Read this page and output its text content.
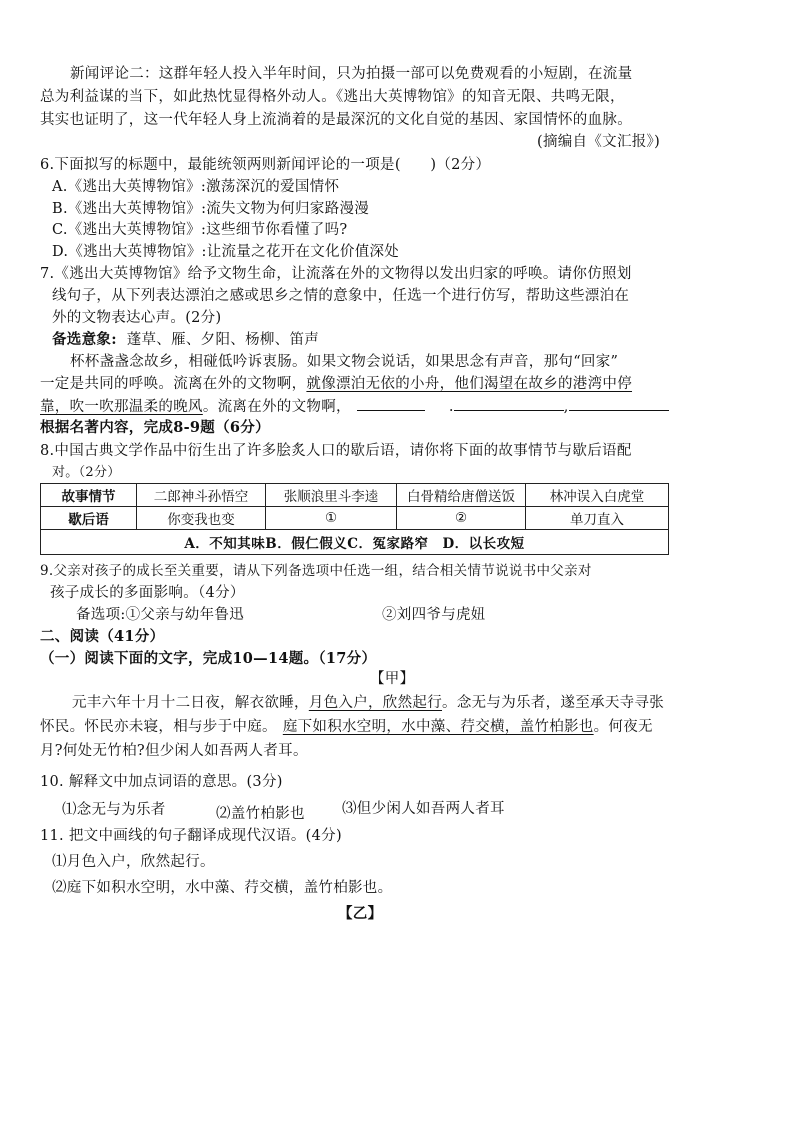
新闻评论二：这群年轻人投入半年时间，只为拍摄一部可以免费观看的小短剧，在流量
总为利益谋的当下，如此热忱显得格外动人。《逃出大英博物馆》的知音无限、共鸣无限，
其实也证明了，这一代年轻人身上流淌着的是最深沉的文化自觉的基因、家国情怀的血脉。
(摘编自《文汇报》)
6.下面拟写的标题中，最能统领两则新闻评论的一项是(　　)（2分）
A.《逃出大英博物馆》:激荡深沉的爱国情怀
B.《逃出大英博物馆》:流失文物为何归家路漫漫
C.《逃出大英博物馆》:这些细节你看懂了吗?
D.《逃出大英博物馆》:让流量之花开在文化价值深处
7.《逃出大英博物馆》给予文物生命，让流落在外的文物得以发出归家的呼唤。请你仿照划
线句子，从下列表达漂泊之感或思乡之情的意象中，任选一个进行仿写，帮助这些漂泊在
外的文物表达心声。(2分)
备选意象: 蓬草、雁、夕阳、杨柳、笛声
杯杯盏盏念故乡，相碰低吟诉衷肠。如果文物会说话，如果思念有声音，那句“回家”
一定是共同的呼唤。流离在外的文物啊，就像漂泊无依的小舟，他们渴望在故乡的港湾中停
靠，吹一吹那温柔的晚风。流离在外的文物啊，	.	,
根据名著内容，完成8-9题（6分）
8.中国古典文学作品中衍生出了许多脍炙人口的歇后语，请你将下面的故事情节与歇后语配
对。（2分）
故事情节	二郎神斗孙悟空	张顺浪里斗李逵	白骨精给唐僧送饭	林冲误入白虎堂
歇后语	你变我也变	①	②	单刀直入
A．不知其味B．假仁假义C．冤家路窄　D．以长攻短				
9.父亲对孩子的成长至关重要，请从下列备选项中任选一组，结合相关情节说说书中父亲对
孩子成长的多面影响。（4分）
备选项:①父亲与幼年鲁迅	②刘四爷与虎妞
二、阅读（41分）
（一）阅读下面的文字，完成10—14题。（17分）
【甲】
元丰六年十月十二日夜，解衣欲睡，月色入户，欣然起行。念无与为乐者，遂至承天寺寻张
怀民。怀民亦未寝，相与步于中庭。 庭下如积水空明，水中藻、荇交横，盖竹柏影也。何夜无
月?何处无竹柏?但少闲人如吾两人者耳。
10. 解释文中加点词语的意思。(3分)
⑴念无与为乐者	⑵盖竹柏影也	⑶但少闲人如吾两人者耳
11. 把文中画线的句子翻译成现代汉语。(4分)
⑴月色入户，欣然起行。
⑵庭下如积水空明，水中藻、荇交横，盖竹柏影也。
【乙】
